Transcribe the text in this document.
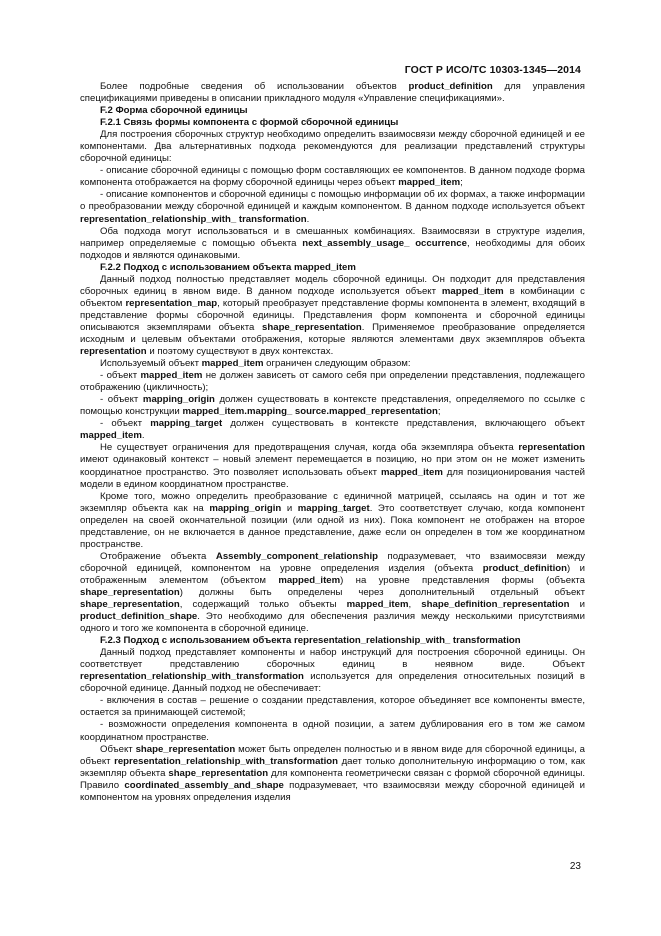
ГОСТ Р ИСО/ТС 10303-1345—2014

Более подробные сведения об использовании объектов product_definition для управления спецификациями приведены в описании прикладного модуля «Управление спецификациями».

F.2 Форма сборочной единицы

F.2.1 Связь формы компонента с формой сборочной единицы

Для построения сборочных структур необходимо определить взаимосвязи между сборочной единицей и ее компонентами. Два альтернативных подхода рекомендуются для реализации представлений структуры сборочной единицы:

- описание сборочной единицы с помощью форм составляющих ее компонентов. В данном подходе форма компонента отображается на форму сборочной единицы через объект mapped_item;

- описание компонентов и сборочной единицы с помощью информации об их формах, а также информации о преобразовании между сборочной единицей и каждым компонентом. В данном подходе используется объект representation_relationship_with_ transformation.

Оба подхода могут использоваться и в смешанных комбинациях. Взаимосвязи в структуре изделия, например определяемые с помощью объекта next_assembly_usage_ occurrence, необходимы для обоих подходов и являются одинаковыми.

F.2.2 Подход с использованием объекта mapped_item

Данный подход полностью представляет модель сборочной единицы. Он подходит для представления сборочных единиц в явном виде. В данном подходе используется объект mapped_item в комбинации с объектом representation_map, который преобразует представление формы компонента в элемент, входящий в представление формы сборочной единицы. Представления форм компонента и сборочной единицы описываются экземплярами объекта shape_representation. Применяемое преобразование определяется исходным и целевым объектами отображения, которые являются элементами двух экземпляров объекта representation и поэтому существуют в двух контекстах.

Используемый объект mapped_item ограничен следующим образом:

- объект mapped_item не должен зависеть от самого себя при определении представления, подлежащего отображению (цикличность);

- объект mapping_origin должен существовать в контексте представления, определяемого по ссылке с помощью конструкции mapped_item.mapping_ source.mapped_representation;

- объект mapping_target должен существовать в контексте представления, включающего объект mapped_item.

Не существует ограничения для предотвращения случая, когда оба экземпляра объекта representation имеют одинаковый контекст – новый элемент перемещается в позицию, но при этом он не может изменить координатное пространство. Это позволяет использовать объект mapped_item для позиционирования частей модели в едином координатном пространстве.

Кроме того, можно определить преобразование с единичной матрицей, ссылаясь на один и тот же экземпляр объекта как на mapping_origin и mapping_target. Это соответствует случаю, когда компонент определен на своей окончательной позиции (или одной из них). Пока компонент не отображен на второе представление, он не включается в данное представление, даже если он определен в том же координатном пространстве.

Отображение объекта Assembly_component_relationship подразумевает, что взаимосвязи между сборочной единицей, компонентом на уровне определения изделия (объекта product_definition) и отображенным элементом (объектом mapped_item) на уровне представления формы (объекта shape_representation) должны быть определены через дополнительный отдельный объект shape_representation, содержащий только объекты mapped_item, shape_definition_representation и product_definition_shape. Это необходимо для обеспечения различия между несколькими присутствиями одного и того же компонента в сборочной единице.

F.2.3 Подход с использованием объекта representation_relationship_with_ transformation

Данный подход представляет компоненты и набор инструкций для построения сборочной единицы. Он соответствует представлению сборочных единиц в неявном виде. Объект representation_relationship_with_transformation используется для определения относительных позиций в сборочной единице. Данный подход не обеспечивает:

- включения в состав – решение о создании представления, которое объединяет все компоненты вместе, остается за принимающей системой;

- возможности определения компонента в одной позиции, а затем дублирования его в том же самом координатном пространстве.

Объект shape_representation может быть определен полностью и в явном виде для сборочной единицы, а объект representation_relationship_with_transformation дает только дополнительную информацию о том, как экземпляр объекта shape_representation для компонента геометрически связан с формой сборочной единицы. Правило coordinated_assembly_and_shape подразумевает, что взаимосвязи между сборочной единицей и компонентом на уровнях определения изделия

23
